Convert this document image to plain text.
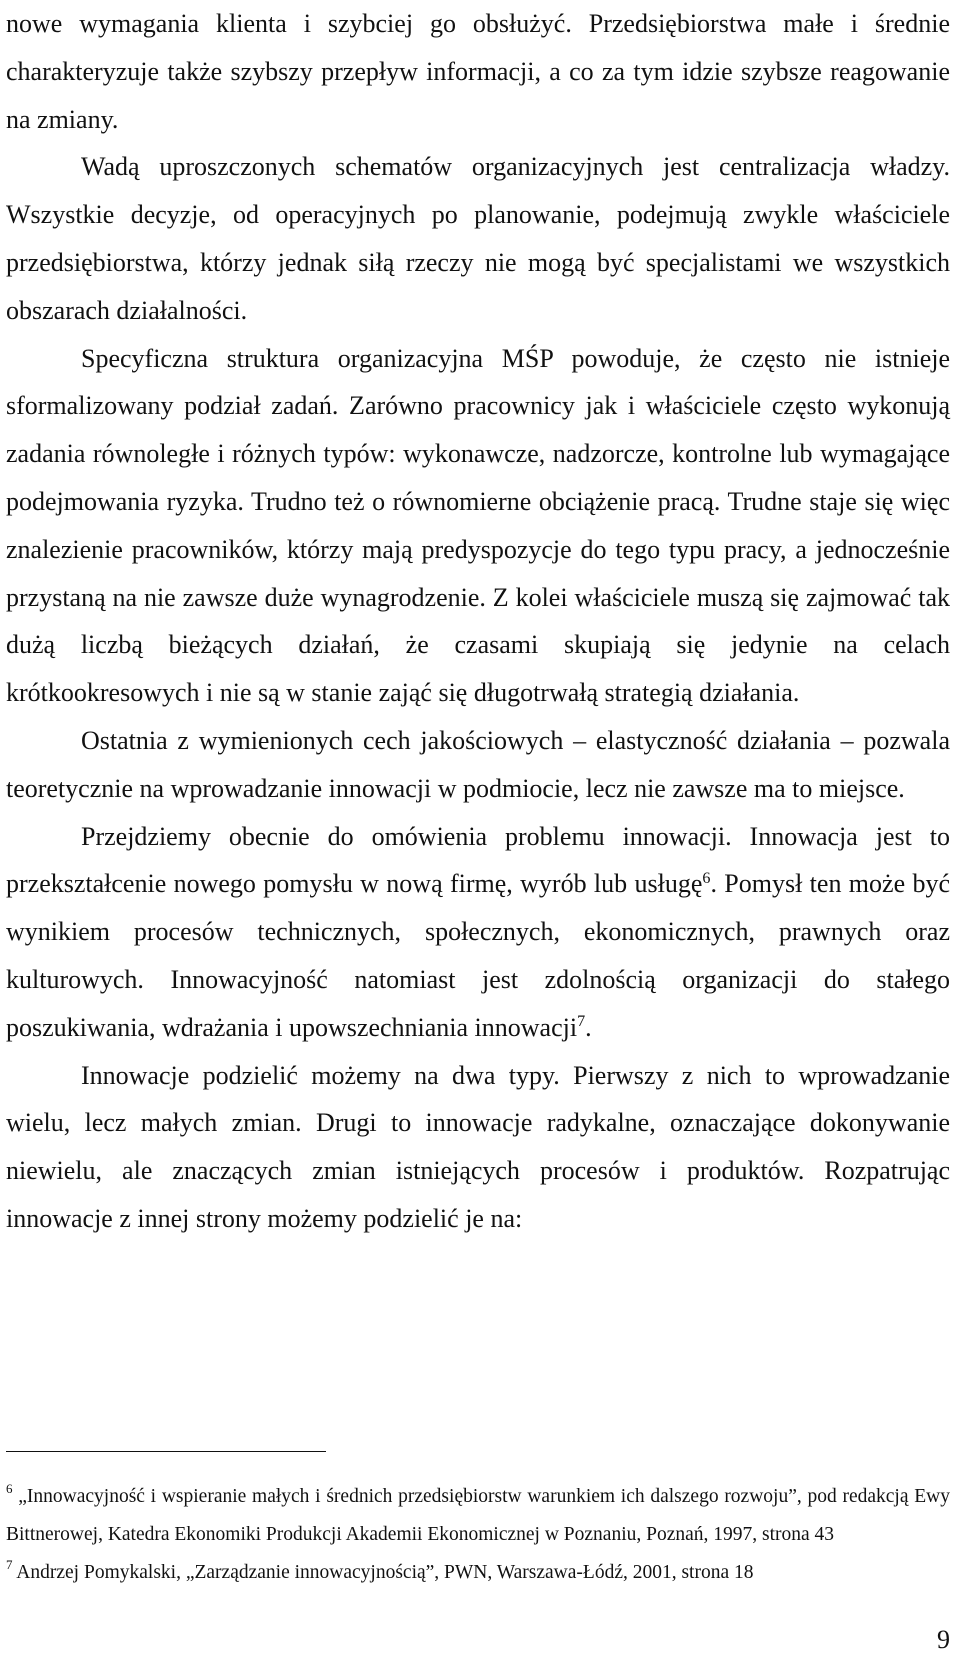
nowe wymagania klienta i szybciej go obsłużyć. Przedsiębiorstwa małe i średnie charakteryzuje także szybszy przepływ informacji, a co za tym idzie szybsze reagowanie na zmiany.

Wadą uproszczonych schematów organizacyjnych jest centralizacja władzy. Wszystkie decyzje, od operacyjnych po planowanie, podejmują zwykle właściciele przedsiębiorstwa, którzy jednak siłą rzeczy nie mogą być specjalistami we wszystkich obszarach działalności.

Specyficzna struktura organizacyjna MŚP powoduje, że często nie istnieje sformalizowany podział zadań. Zarówno pracownicy jak i właściciele często wykonują zadania równoległe i różnych typów: wykonawcze, nadzorcze, kontrolne lub wymagające podejmowania ryzyka. Trudno też o równomierne obciążenie pracą. Trudne staje się więc znalezienie pracowników, którzy mają predyspozycje do tego typu pracy, a jednocześnie przystaną na nie zawsze duże wynagrodzenie. Z kolei właściciele muszą się zajmować tak dużą liczbą bieżących działań, że czasami skupiają się jedynie na celach krótkookresowych i nie są w stanie zająć się długotrwałą strategią działania.

Ostatnia z wymienionych cech jakościowych – elastyczność działania – pozwala teoretycznie na wprowadzanie innowacji w podmiocie, lecz nie zawsze ma to miejsce.

Przejdziemy obecnie do omówienia problemu innowacji. Innowacja jest to przekształcenie nowego pomysłu w nową firmę, wyrób lub usługę$^6$. Pomysł ten może być wynikiem procesów technicznych, społecznych, ekonomicznych, prawnych oraz kulturowych. Innowacyjność natomiast jest zdolnością organizacji do stałego poszukiwania, wdrażania i upowszechniania innowacji$^7$.

Innowacje podzielić możemy na dwa typy. Pierwszy z nich to wprowadzanie wielu, lecz małych zmian. Drugi to innowacje radykalne, oznaczające dokonywanie niewielu, ale znaczących zmian istniejących procesów i produktów. Rozpatrując innowacje z innej strony możemy podzielić je na:

$^6$ „Innowacyjność i wspieranie małych i średnich przedsiębiorstw warunkiem ich dalszego rozwoju”, pod redakcją Ewy Bittnerowej, Katedra Ekonomiki Produkcji Akademii Ekonomicznej w Poznaniu, Poznań, 1997, strona 43

$^7$ Andrzej Pomykalski, „Zarządzanie innowacyjnością”, PWN, Warszawa-Łódź, 2001, strona 18

9
